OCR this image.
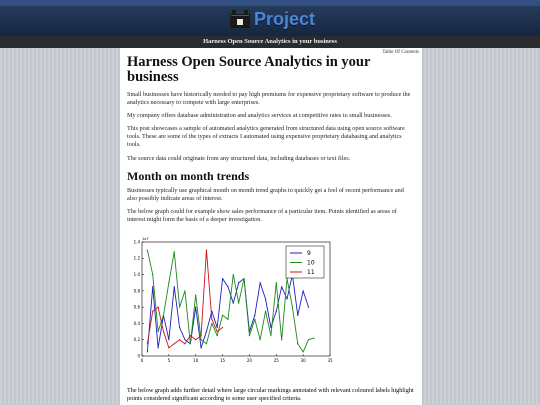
Project
Harness Open Source Analytics in your business
Table Of Contents
Harness Open Source Analytics in your business

Small businesses have historically needed to pay high premiums for expensive proprietary software to produce the analytics necessary to compete with large enterprises.

My company offers database administration and analytics services at competitive rates to small businesses.

This post showcases a sample of automated analytics generated from structured data using open source software tools. These are some of the types of extracts I automated using expensive proprietary databasing and analytics tools.

The source data could originate from any structured data, including databases or text files.

Month on month trends

Businesses typically use graphical month on month trend graphs to quickly get a feel of recent performance and also possibly indicate areas of interest.

The below graph could for example show sales performance of a particular item. Points identified as areas of interest might form the basis of a deeper investigation.

0	5	10	15	20	25	30	35
0
0.2
0.4
0.6
0.8
1.0
1.2
1.4
1e7
9
10
11

The below graph adds further detail where large circular markings annotated with relevant coloured labels highlight points considered significant according to some user specified criteria.
